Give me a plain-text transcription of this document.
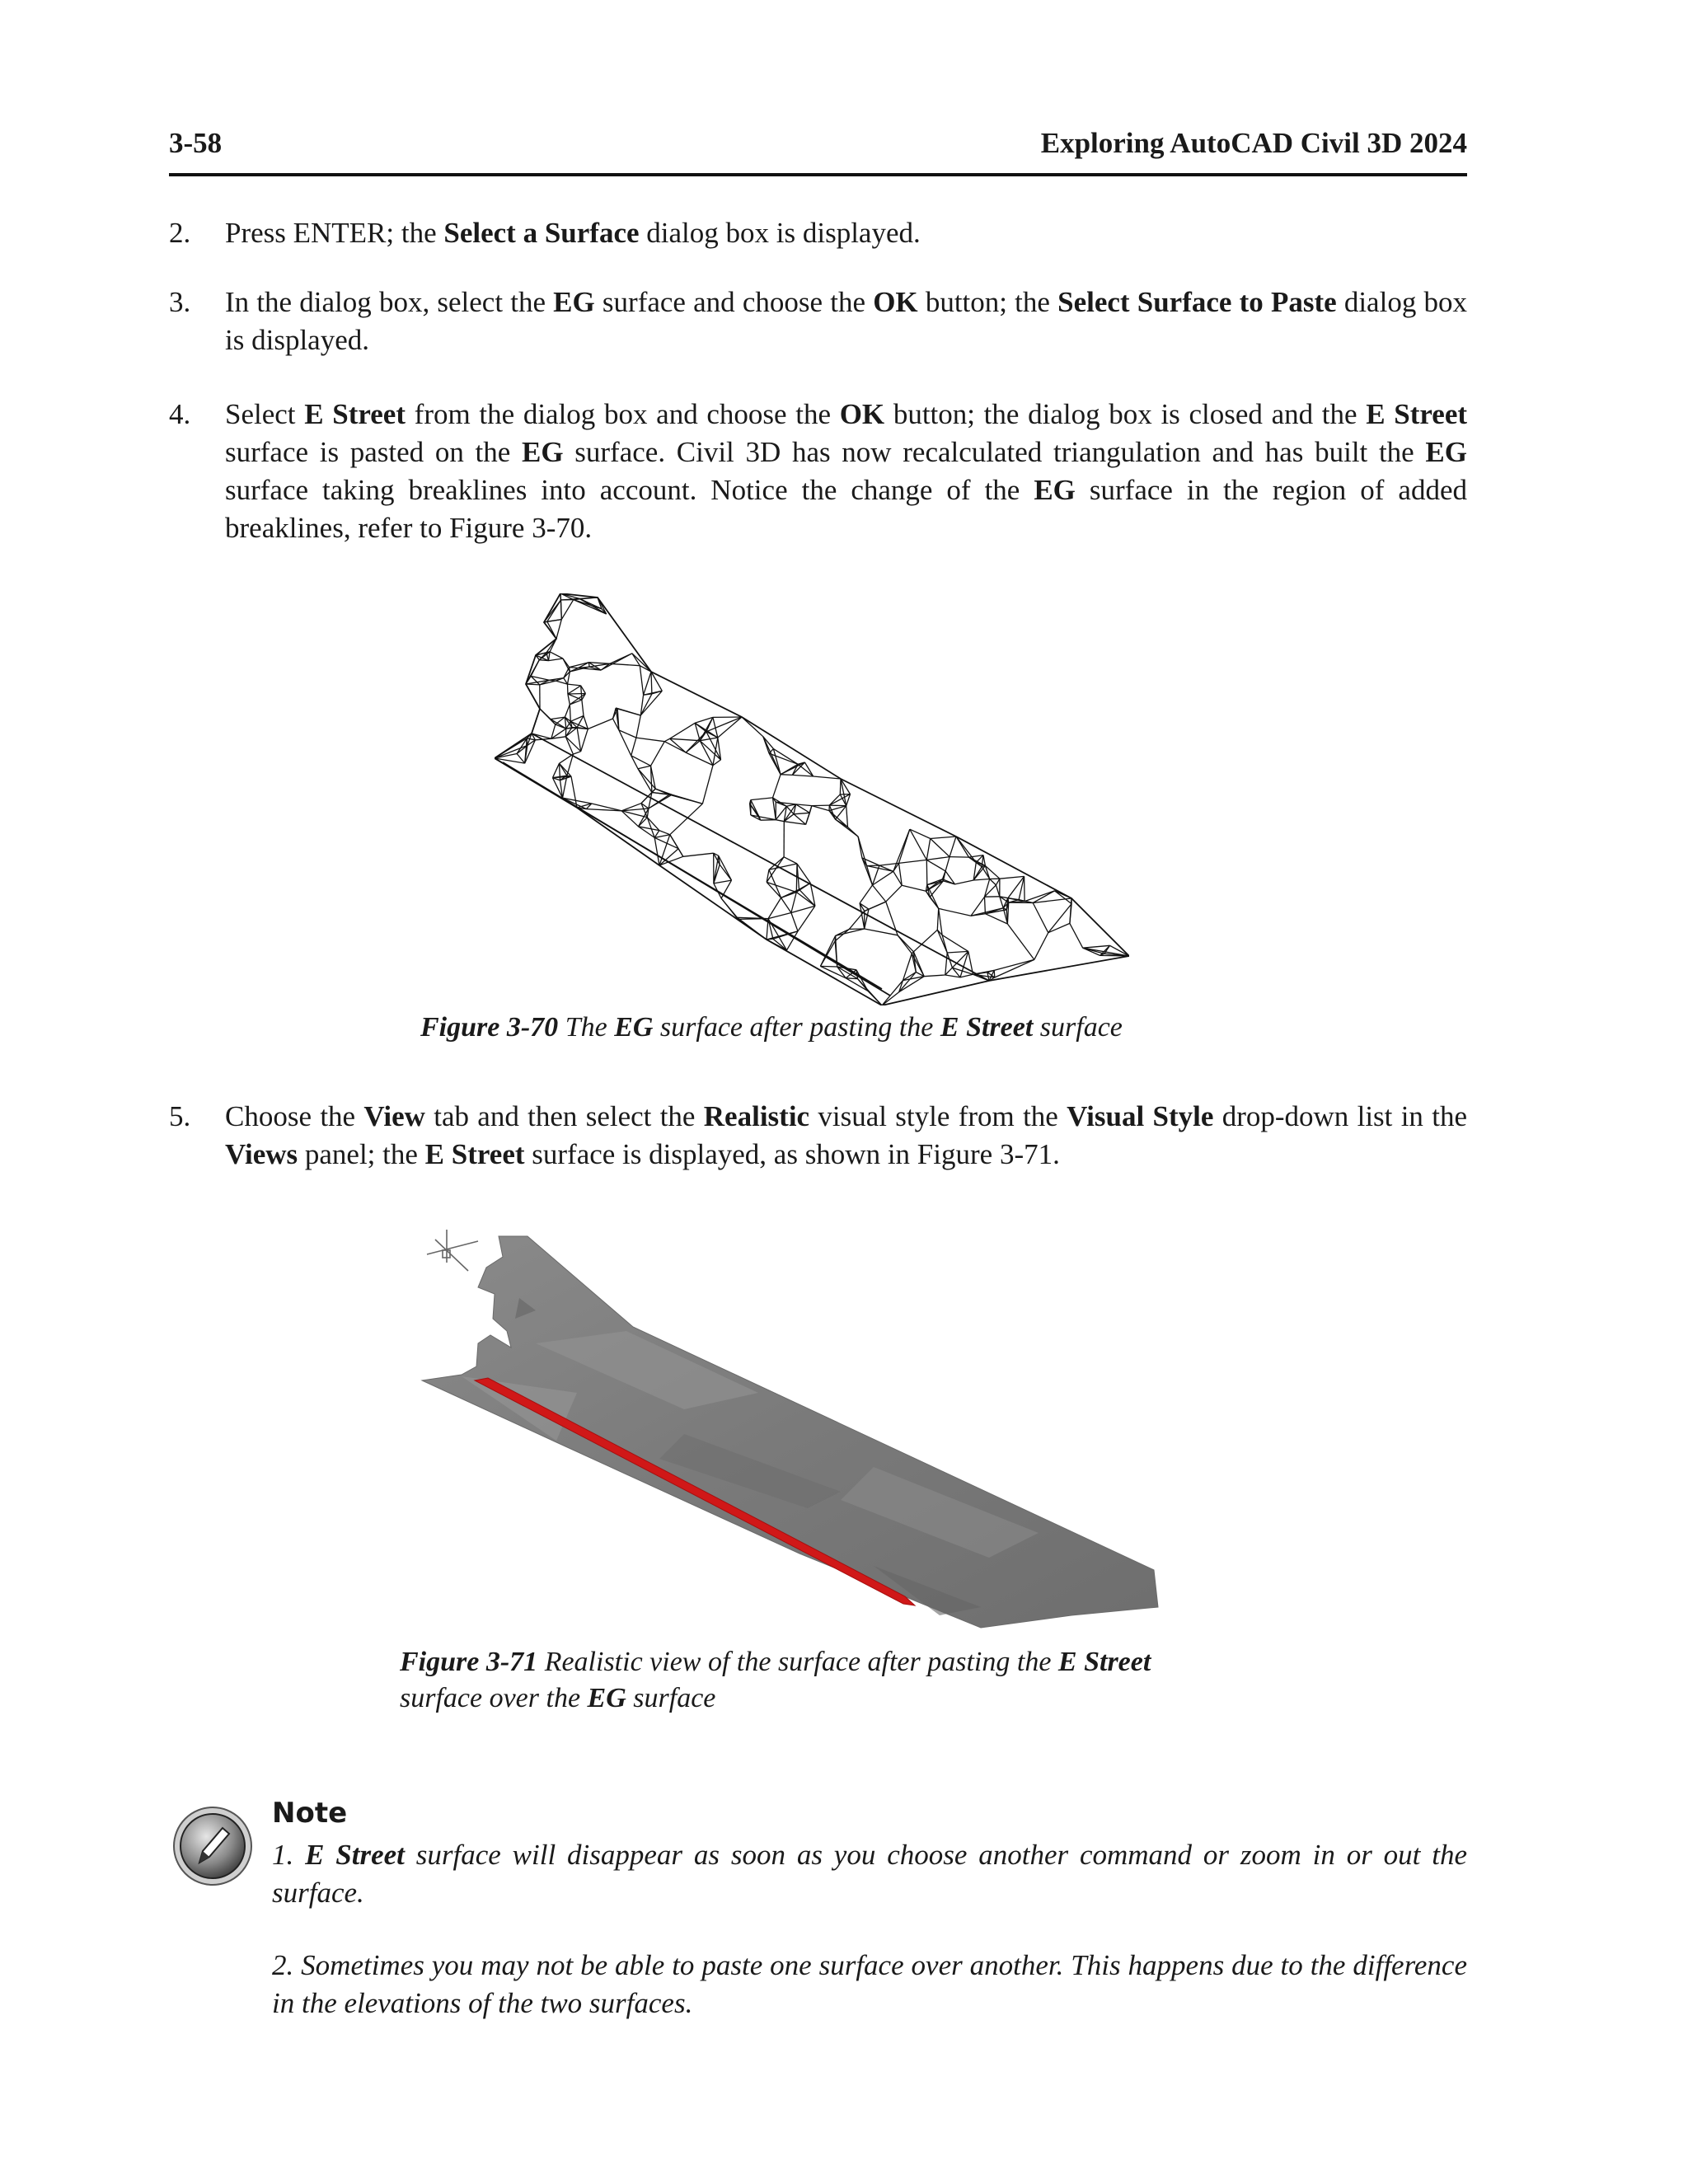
3-58	Exploring AutoCAD Civil 3D 2024
2. Press ENTER; the Select a Surface dialog box is displayed.
3. In the dialog box, select the EG surface and choose the OK button; the Select Surface to Paste dialog box is displayed.
4. Select E Street from the dialog box and choose the OK button; the dialog box is closed and the E Street surface is pasted on the EG surface. Civil 3D has now recalculated triangulation and has built the EG surface taking breaklines into account. Notice the change of the EG surface in the region of added breaklines, refer to Figure 3-70.
Figure 3-70 The EG surface after pasting the E Street surface
5. Choose the View tab and then select the Realistic visual style from the Visual Style drop-down list in the Views panel; the E Street surface is displayed, as shown in Figure 3-71.
Figure 3-71 Realistic view of the surface after pasting the E Street surface over the EG surface
Note
1. E Street surface will disappear as soon as you choose another command or zoom in or out the surface.
2. Sometimes you may not be able to paste one surface over another. This happens due to the difference in the elevations of the two surfaces.
